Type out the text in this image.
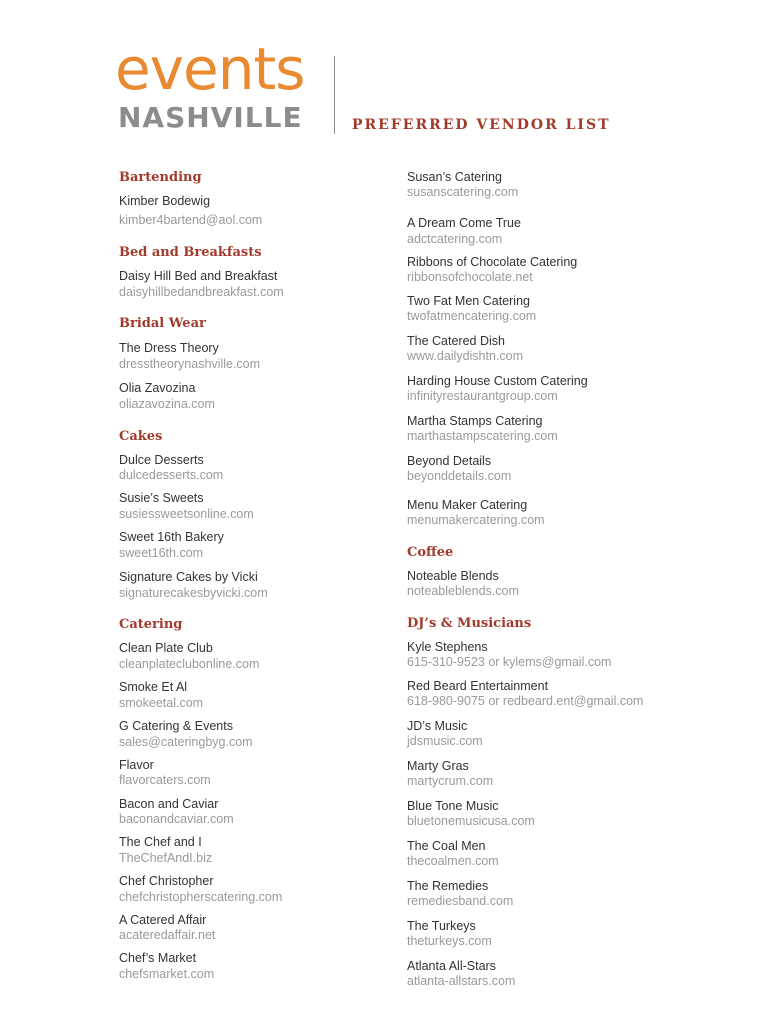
events
NASHVILLE	PREFERRED VENDOR LIST
Bartending
Kimber Bodewig
kimber4bartend@aol.com
Bed and Breakfasts
Daisy Hill Bed and Breakfast
daisyhillbedandbreakfast.com
Bridal Wear
The Dress Theory
dresstheorynashville.com
Olia Zavozina
oliazavozina.com
Cakes
Dulce Desserts
dulcedesserts.com
Susie’s Sweets
susiessweetsonline.com
Sweet 16th Bakery
sweet16th.com
Signature Cakes by Vicki
signaturecakesbyvicki.com
Catering
Clean Plate Club
cleanplateclubonline.com
Smoke Et Al
smokeetal.com
G Catering & Events
sales@cateringbyg.com
Flavor
flavorcaters.com
Bacon and Caviar
baconandcaviar.com
The Chef and I
TheChefAndI.biz
Chef Christopher
chefchristopherscatering.com
A Catered Affair
acateredaffair.net
Chef’s Market
chefsmarket.com
Susan’s Catering
susanscatering.com
A Dream Come True
adctcatering.com
Ribbons of Chocolate Catering
ribbonsofchocolate.net
Two Fat Men Catering
twofatmencatering.com
The Catered Dish
www.dailydishtn.com
Harding House Custom Catering
infinityrestaurantgroup.com
Martha Stamps Catering
marthastampscatering.com
Beyond Details
beyonddetails.com
Menu Maker Catering
menumakercatering.com
Coffee
Noteable Blends
noteableblends.com
DJ’s & Musicians
Kyle Stephens
615-310-9523 or kylems@gmail.com
Red Beard Entertainment
618-980-9075 or redbeard.ent@gmail.com
JD’s Music
jdsmusic.com
Marty Gras
martycrum.com
Blue Tone Music
bluetonemusicusa.com
The Coal Men
thecoalmen.com
The Remedies
remediesband.com
The Turkeys
theturkeys.com
Atlanta All-Stars
atlanta-allstars.com
